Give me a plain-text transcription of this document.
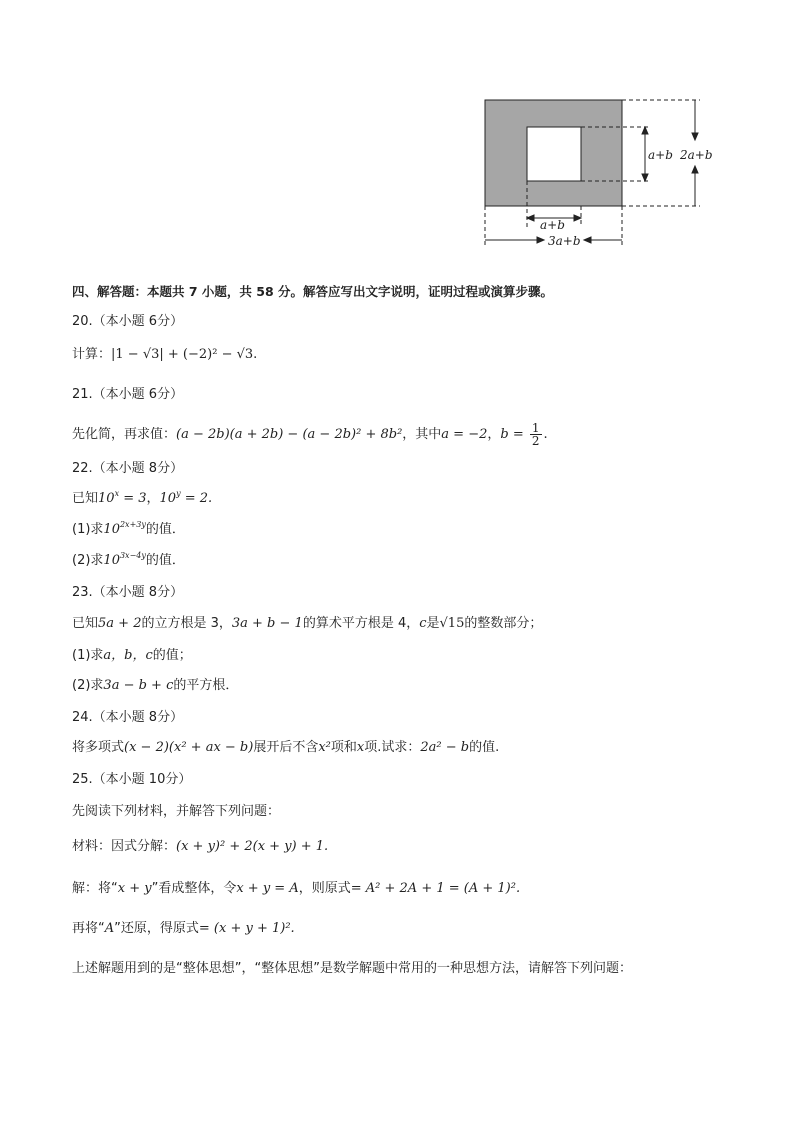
a+b 2a+b
a+b
3a+b
四、解答题：本题共 7 小题，共 58 分。解答应写出文字说明，证明过程或演算步骤。
20.（本小题 6分）
计算：|1 − √3| + (−2)² − √3.
21.（本小题 6分）
先化简，再求值：(a − 2b)(a + 2b) − (a − 2b)² + 8b²，其中a = −2，$b = \frac{1}{2}$ .
22.（本小题 8分）
已知$10^x = 3$，$10^y = 2$.
(1)求$10^{2x+3y}$的值．
(2)求$10^{3x-4y}$的值．
23.（本小题 8分）
已知5a + 2的立方根是 3，3a + b − 1的算术平方根是 4，c是√15的整数部分；
(1)求a，b，c的值；
(2)求3a − b + c的平方根．
24.（本小题 8分）
将多项式(x − 2)(x² + ax − b)展开后不含x²项和x项.试求：2a² − b的值.
25.（本小题 10分）
先阅读下列材料，并解答下列问题：
材料：因式分解：(x + y)² + 2(x + y) + 1.
解：将“x + y”看成整体，令x + y = A，则原式= A² + 2A + 1 = (A + 1)².
再将“A”还原，得原式= (x + y + 1)².
上述解题用到的是“整体思想”，“整体思想”是数学解题中常用的一种思想方法，请解答下列问题：
